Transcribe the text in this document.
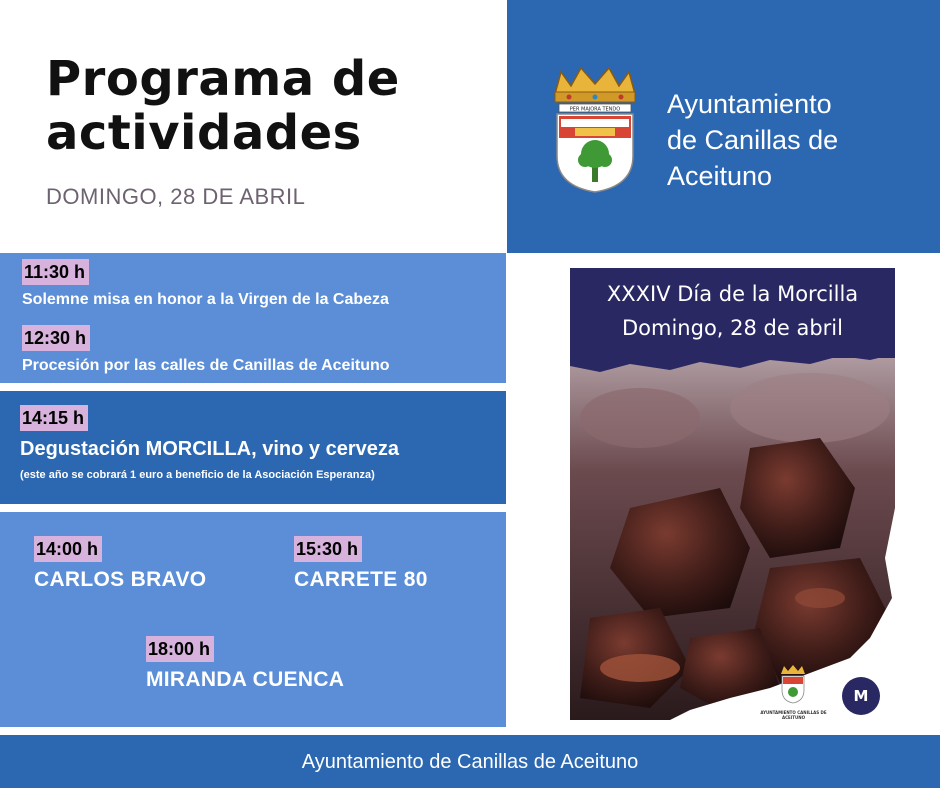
Programa de
actividades
DOMINGO, 28 DE ABRIL
PER MAJORA TENDO Ayuntamiento
de Canillas de
Aceituno
11:30 h
Solemne misa en honor a la Virgen de la Cabeza
12:30 h
Procesión por las calles de Canillas de Aceituno
14:15 h
Degustación MORCILLA, vino y cerveza
(este año se cobrará 1 euro a beneficio de la Asociación Esperanza)
14:00 h
CARLOS BRAVO
15:30 h
CARRETE 80
18:00 h
MIRANDA CUENCA
XXXIV Día de la Morcilla
Domingo, 28 de abril
AYUNTAMIENTO CANILLAS DE ACEITUNO
M
Ayuntamiento de Canillas de Aceituno
